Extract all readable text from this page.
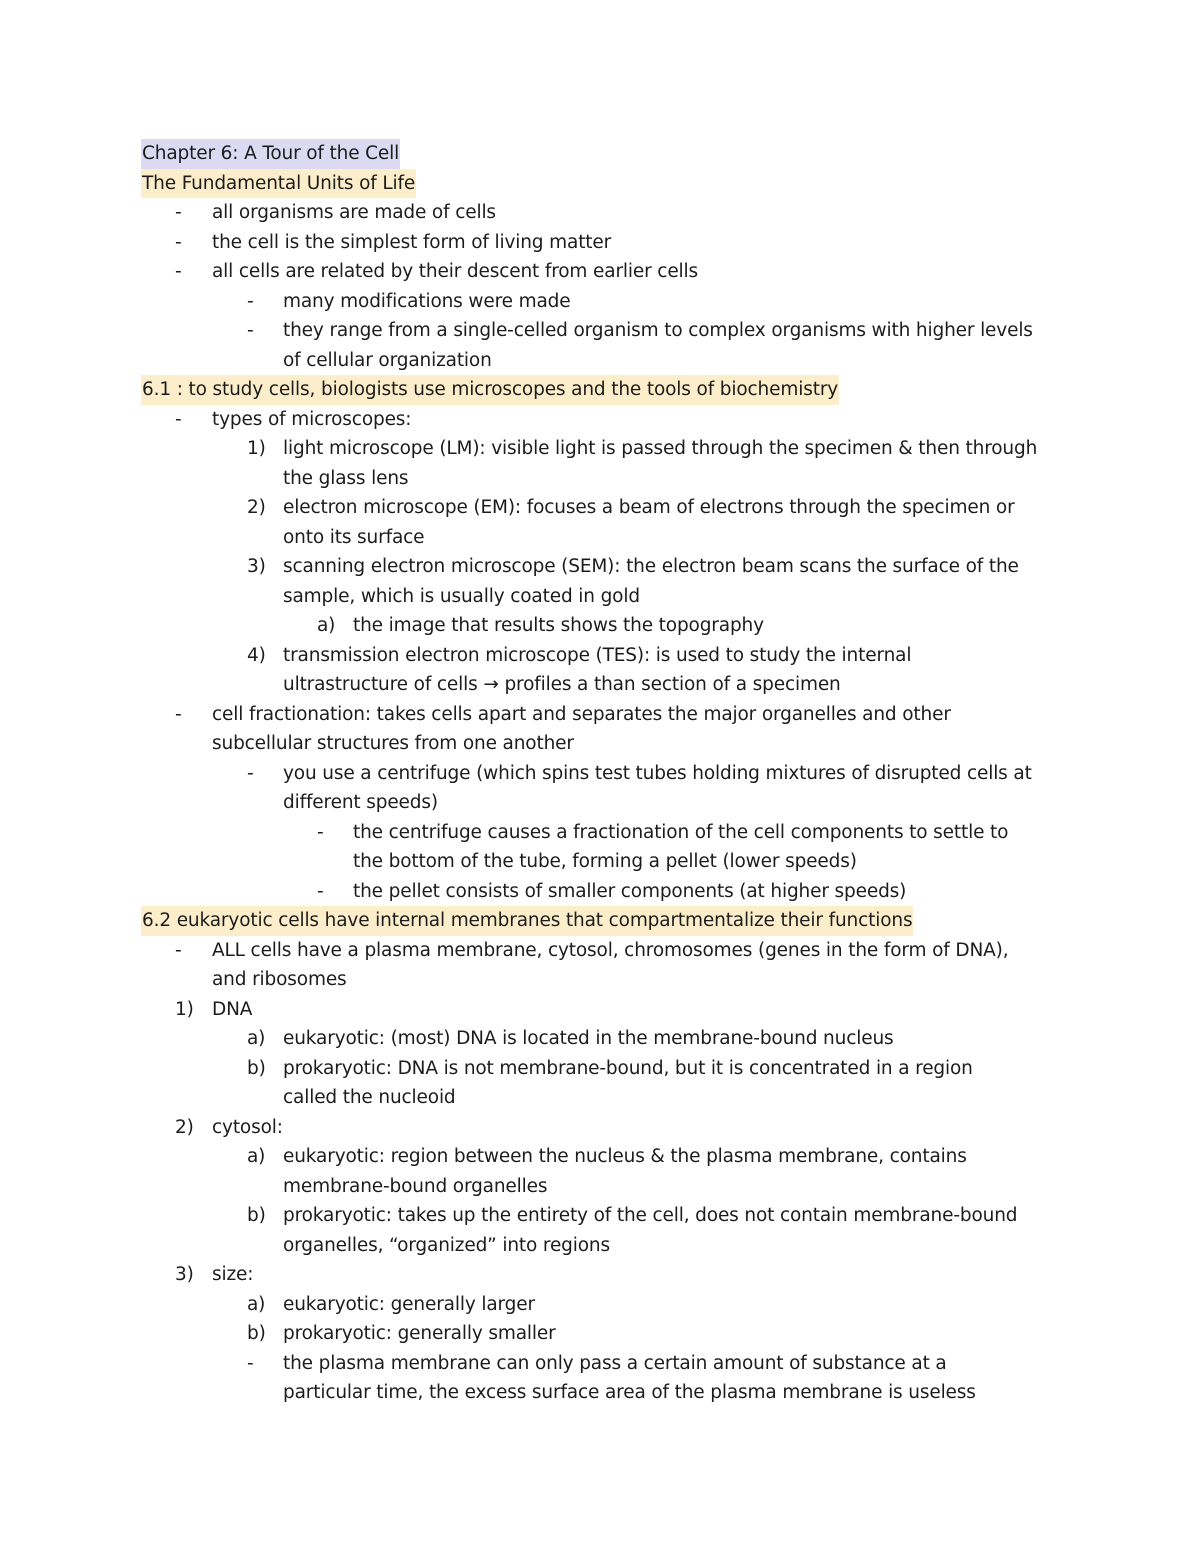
Chapter 6: A Tour of the Cell
The Fundamental Units of Life
- all organisms are made of cells
- the cell is the simplest form of living matter
- all cells are related by their descent from earlier cells
- many modifications were made
- they range from a single-celled organism to complex organisms with higher levels
of cellular organization
6.1 : to study cells, biologists use microscopes and the tools of biochemistry
- types of microscopes:
1) light microscope (LM): visible light is passed through the specimen & then through
the glass lens
2) electron microscope (EM): focuses a beam of electrons through the specimen or
onto its surface
3) scanning electron microscope (SEM): the electron beam scans the surface of the
sample, which is usually coated in gold
a) the image that results shows the topography
4) transmission electron microscope (TES): is used to study the internal
ultrastructure of cells → profiles a than section of a specimen
- cell fractionation: takes cells apart and separates the major organelles and other
subcellular structures from one another
- you use a centrifuge (which spins test tubes holding mixtures of disrupted cells at
different speeds)
- the centrifuge causes a fractionation of the cell components to settle to
the bottom of the tube, forming a pellet (lower speeds)
- the pellet consists of smaller components (at higher speeds)
6.2 eukaryotic cells have internal membranes that compartmentalize their functions
- ALL cells have a plasma membrane, cytosol, chromosomes (genes in the form of DNA),
and ribosomes
1) DNA
a) eukaryotic: (most) DNA is located in the membrane-bound nucleus
b) prokaryotic: DNA is not membrane-bound, but it is concentrated in a region
called the nucleoid
2) cytosol:
a) eukaryotic: region between the nucleus & the plasma membrane, contains
membrane-bound organelles
b) prokaryotic: takes up the entirety of the cell, does not contain membrane-bound
organelles, “organized” into regions
3) size:
a) eukaryotic: generally larger
b) prokaryotic: generally smaller
- the plasma membrane can only pass a certain amount of substance at a
particular time, the excess surface area of the plasma membrane is useless
